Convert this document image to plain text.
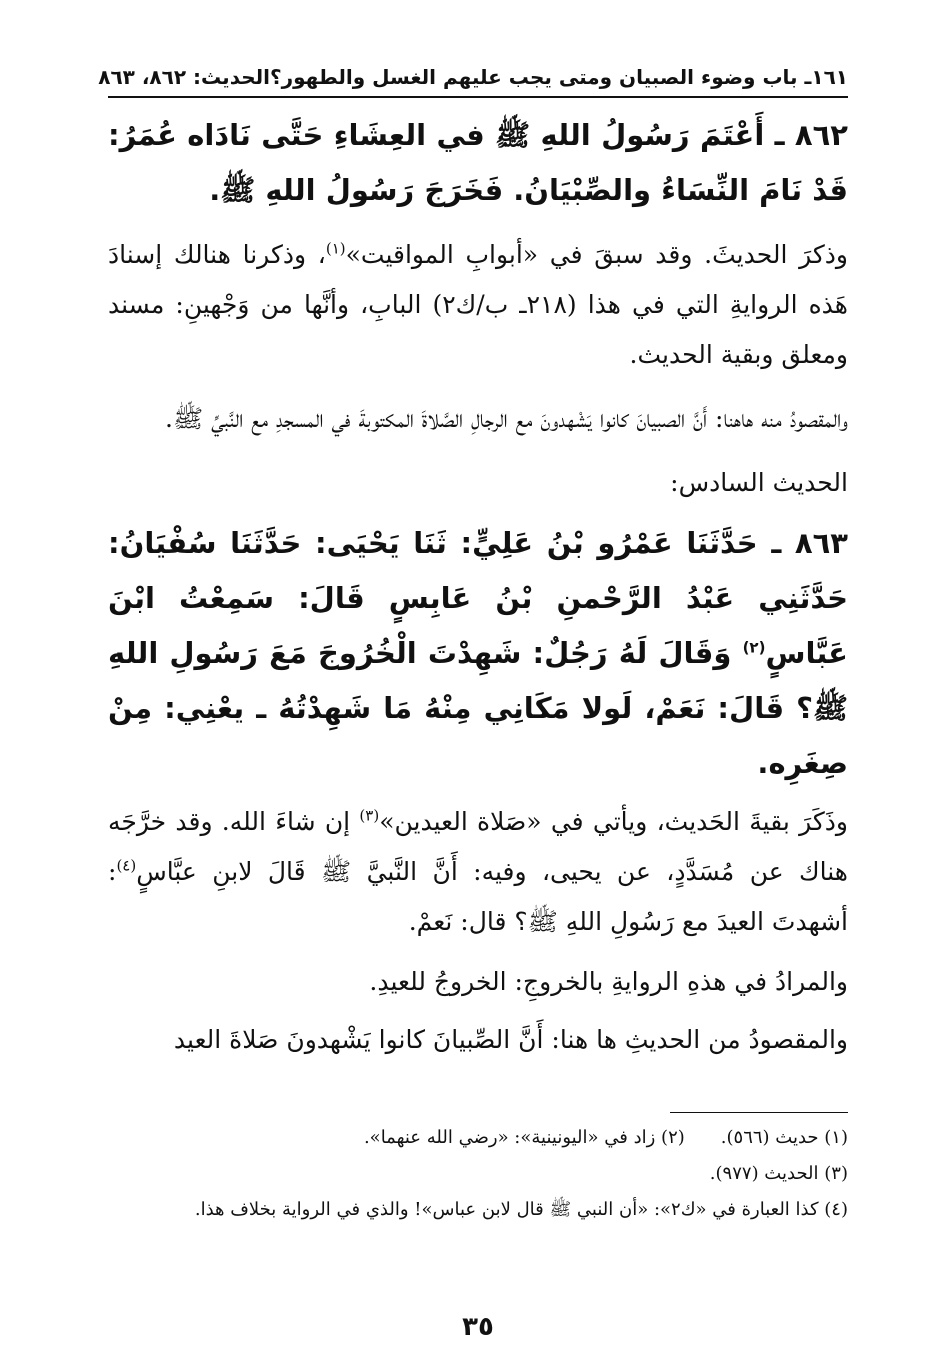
١٦١ـ باب وضوء الصبيان ومتى يجب عليهم الغسل والطهور؟
الحديث: ٨٦٢، ٨٦٣

٨٦٢ ـ أَعْتَمَ رَسُولُ اللهِ ﷺ في العِشَاءِ حَتَّى نَادَاه عُمَرُ: قَدْ نَامَ النِّسَاءُ والصِّبْيَانُ. فَخَرَجَ رَسُولُ اللهِ ﷺ.

وذكرَ الحديثَ. وقد سبقَ في «أبوابِ المواقيت»$^{(١)}$، وذكرنا هنالك إسنادَ هَذه الروايةِ التي في هذا (٢١٨ـ ب/ك٢) البابِ، وأنَّها من وَجْهينِ: مسند ومعلق وبقية الحديث.

والمقصودُ منه هاهنا: أَنَّ الصبيانَ كانوا يَشْهدونَ مع الرجالِ الصَّلاةَ المكتوبةَ في المسجدِ مع النَّبيِّ ﷺ.

الحديث السادس:

٨٦٣ ـ حَدَّثَنَا عَمْرُو بْنُ عَلِيٍّ: ثَنَا يَحْيَى: حَدَّثَنَا سُفْيَانُ: حَدَّثَنِي عَبْدُ الرَّحْمنِ بْنُ عَابِسٍ قَالَ: سَمِعْتُ ابْنَ عَبَّاسٍ$^{(٢)}$ وَقَالَ لَهُ رَجُلٌ: شَهِدْتَ الْخُرُوجَ مَعَ رَسُولِ اللهِ ﷺ؟ قَالَ: نَعَمْ، لَولا مَكَانِي مِنْهُ مَا شَهِدْتُهُ ـ يعْنِي: مِنْ صِغَرِه.

وذَكَرَ بقيةَ الحَديث، ويأتي في «صَلاة العيدين»$^{(٣)}$ إن شاءَ الله. وقد خرَّجَه هناك عن مُسَدَّدٍ، عن يحيى، وفيه: أَنَّ النَّبيَّ ﷺ قَالَ لابنِ عبَّاسٍ$^{(٤)}$: أشهدتَ العيدَ مع رَسُولِ اللهِ ﷺ؟ قال: نَعمْ.

والمرادُ في هذهِ الروايةِ بالخروجِ: الخروجُ للعيدِ.

والمقصودُ من الحديثِ ها هنا: أَنَّ الصِّبيانَ كانوا يَشْهدونَ صَلاةَ العيد

(١) حديث (٥٦٦).
(٢) زاد في «اليونينية»: «رضي الله عنهما».
(٣) الحديث (٩٧٧).
(٤) كذا العبارة في «ك٢»: «أن النبي ﷺ قال لابن عباس»! والذي في الرواية بخلاف هذا.
٣٥
